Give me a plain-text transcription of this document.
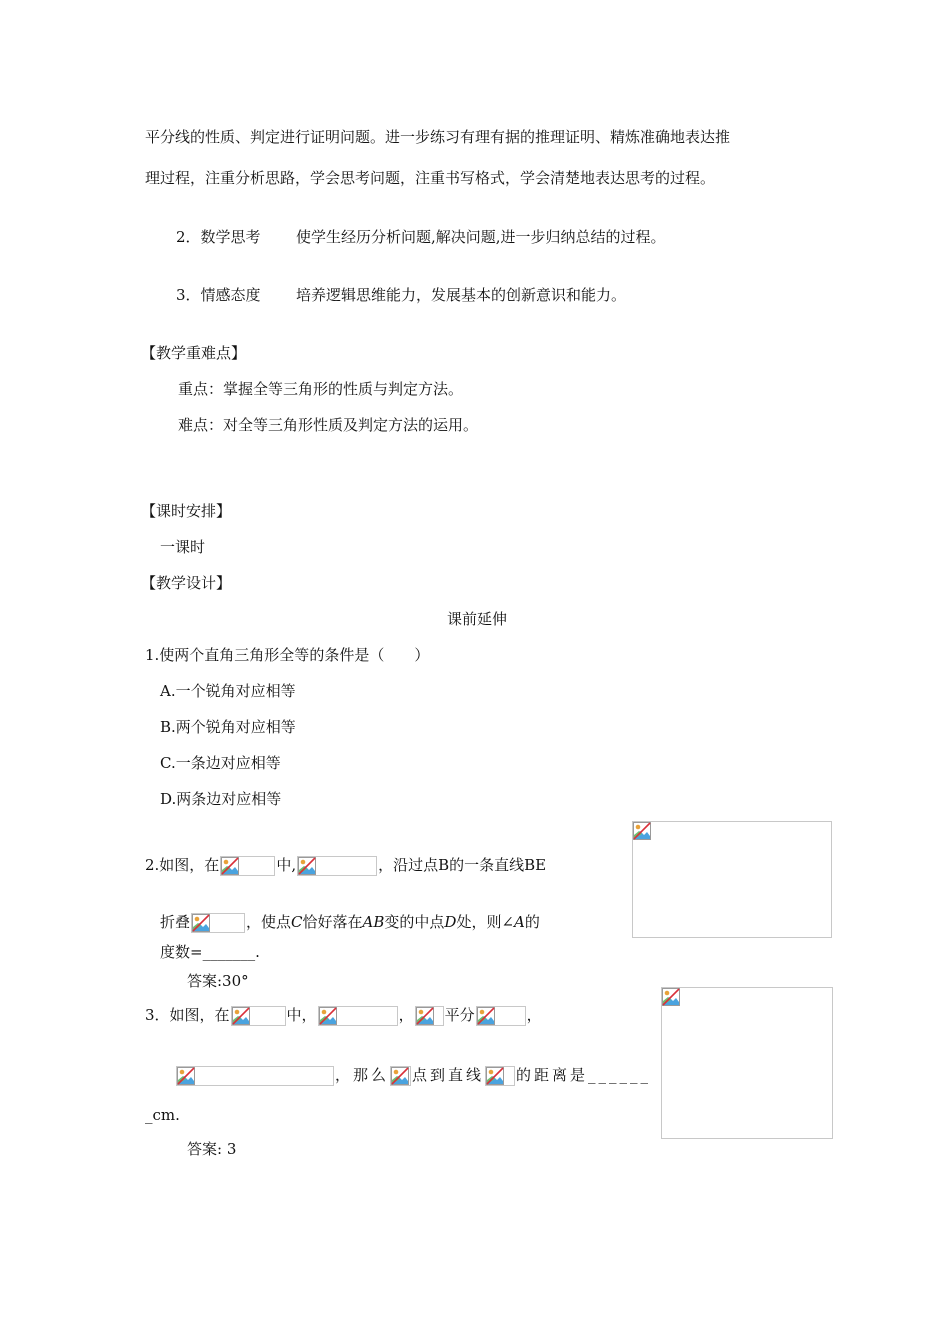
平分线的性质、判定进行证明问题。进一步练习有理有据的推理证明、精炼准确地表达推
理过程，注重分析思路，学会思考问题，注重书写格式，学会清楚地表达思考的过程。
2．数学思考 使学生经历分析问题,解决问题,进一步归纳总结的过程。
3．情感态度 培养逻辑思维能力，发展基本的创新意识和能力。
【教学重难点】
重点：掌握全等三角形的性质与判定方法。
难点：对全等三角形性质及判定方法的运用。
【课时安排】
一课时
【教学设计】
课前延伸
1.使两个直角三角形全等的条件是（　　）
A.一个锐角对应相等
B.两个锐角对应相等
C.一条边对应相等
D.两条边对应相等
2.如图，在	中,	，沿过点B的一条直线BE
折叠	，使点C恰好落在AB变的中点D处，则∠A的
度数=_______.
答案:30°
3．如图，在	中，	， 平分	，
，那么 点到直线 的距离是______
_cm.
答案: 3
